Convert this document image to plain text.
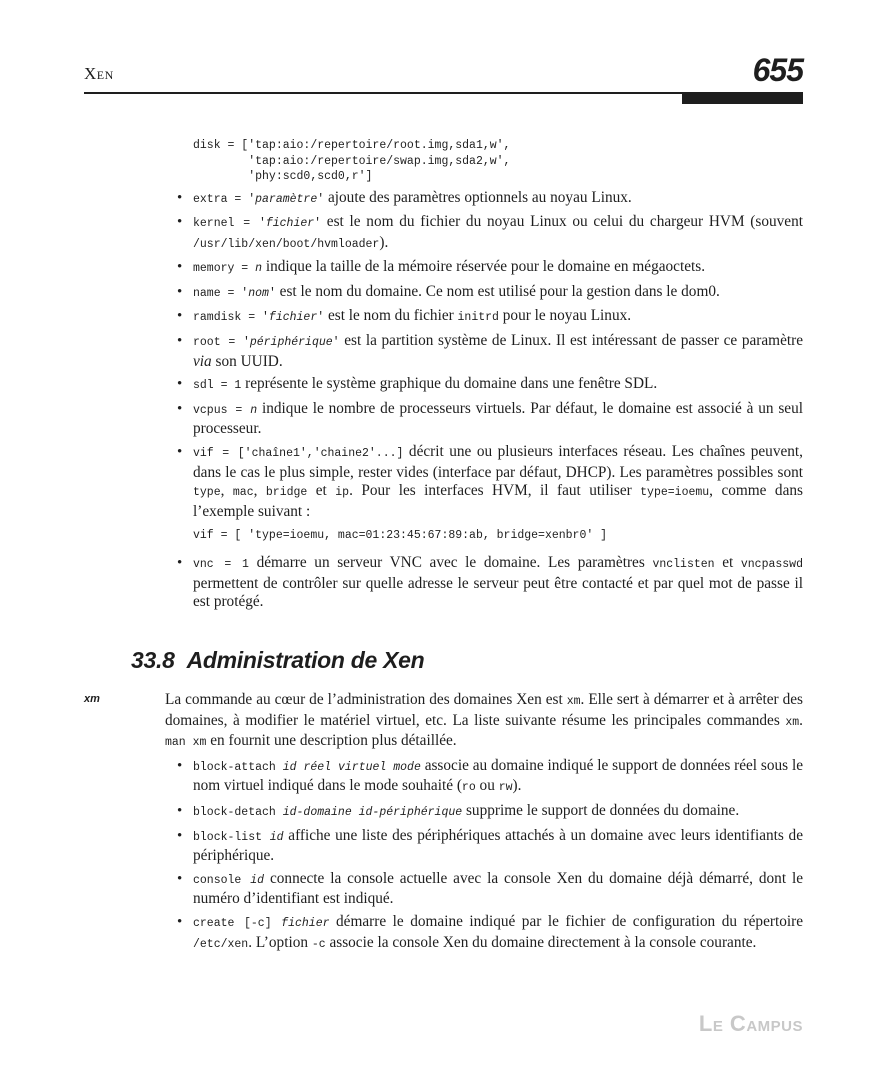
Xen	655
disk = ['tap:aio:/repertoire/root.img,sda1,w',
'tap:aio:/repertoire/swap.img,sda2,w',
'phy:scd0,scd0,r']
• extra = 'paramètre' ajoute des paramètres optionnels au noyau Linux.
• kernel = 'fichier' est le nom du fichier du noyau Linux ou celui du chargeur HVM (souvent /usr/lib/xen/boot/hvmloader).
• memory = n indique la taille de la mémoire réservée pour le domaine en mégaoctets.
• name = 'nom' est le nom du domaine. Ce nom est utilisé pour la gestion dans le dom0.
• ramdisk = 'fichier' est le nom du fichier initrd pour le noyau Linux.
• root = 'périphérique' est la partition système de Linux. Il est intéressant de passer ce paramètre via son UUID.
• sdl = 1 représente le système graphique du domaine dans une fenêtre SDL.
• vcpus = n indique le nombre de processeurs virtuels. Par défaut, le domaine est associé à un seul processeur.
• vif = ['chaîne1','chaine2'...] décrit une ou plusieurs interfaces réseau. Les chaînes peuvent, dans le cas le plus simple, rester vides (interface par défaut, DHCP). Les paramètres possibles sont type, mac, bridge et ip. Pour les interfaces HVM, il faut utiliser type=ioemu, comme dans l’exemple suivant :
vif = [ 'type=ioemu, mac=01:23:45:67:89:ab, bridge=xenbr0' ]
• vnc = 1 démarre un serveur VNC avec le domaine. Les paramètres vnclisten et vncpasswd permettent de contrôler sur quelle adresse le serveur peut être contacté et par quel mot de passe il est protégé.
33.8 Administration de Xen
xm	La commande au cœur de l’administration des domaines Xen est xm. Elle sert à démarrer et à arrêter des domaines, à modifier le matériel virtuel, etc. La liste suivante résume les principales commandes xm. man xm en fournit une description plus détaillée.

• block-attach id réel virtuel mode associe au domaine indiqué le support de données réel sous le nom virtuel indiqué dans le mode souhaité (ro ou rw).
• block-detach id-domaine id-périphérique supprime le support de données du domaine.
• block-list id affiche une liste des périphériques attachés à un domaine avec leurs identifiants de périphérique.
• console id connecte la console actuelle avec la console Xen du domaine déjà démarré, dont le numéro d’identifiant est indiqué.
• create [-c] fichier démarre le domaine indiqué par le fichier de configuration du répertoire /etc/xen. L’option -c associe la console Xen du domaine directement à la console courante.
Le Campus
